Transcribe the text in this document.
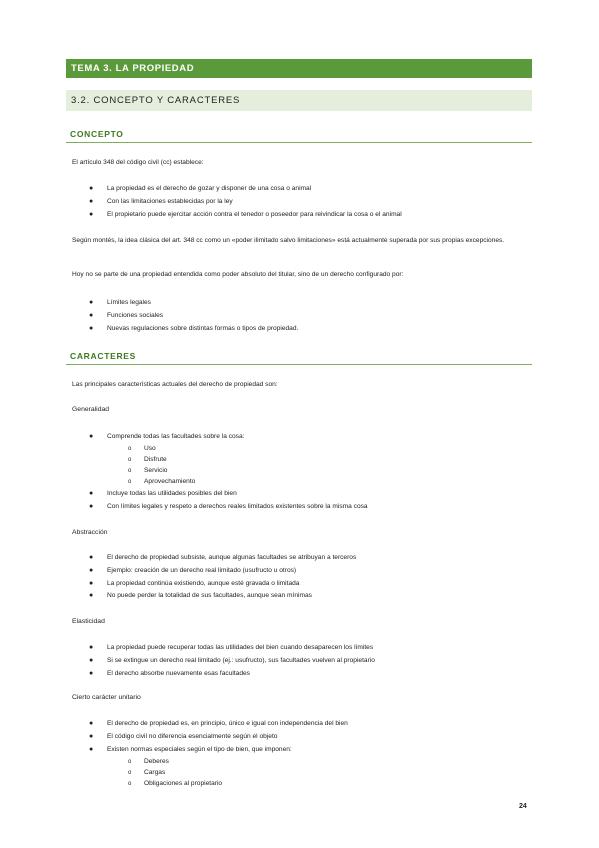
TEMA 3. LA PROPIEDAD
3.2. CONCEPTO Y CARACTERES
CONCEPTO
El artículo 348 del código civil (cc) establece:
● La propiedad es el derecho de gozar y disponer de una cosa o animal
● Con las limitaciones establecidas por la ley
● El propietario puede ejercitar acción contra el tenedor o poseedor para reivindicar la cosa o el animal
Según montés, la idea clásica del art. 348 cc como un «poder ilimitado salvo limitaciones» está actualmente superada por sus propias excepciones.
Hoy no se parte de una propiedad entendida como poder absoluto del titular, sino de un derecho configurado por:
● Límites legales
● Funciones sociales
● Nuevas regulaciones sobre distintas formas o tipos de propiedad.
CARACTERES
Las principales características actuales del derecho de propiedad son:
Generalidad
● Comprende todas las facultades sobre la cosa:
o Uso
o Disfrute
o Servicio
o Aprovechamiento
● Incluye todas las utilidades posibles del bien
● Con límites legales y respeto a derechos reales limitados existentes sobre la misma cosa
Abstracción
● El derecho de propiedad subsiste, aunque algunas facultades se atribuyan a terceros
● Ejemplo: creación de un derecho real limitado (usufructo u otros)
● La propiedad continúa existiendo, aunque esté gravada o limitada
● No puede perder la totalidad de sus facultades, aunque sean mínimas
Elasticidad
● La propiedad puede recuperar todas las utilidades del bien cuando desaparecen los límites
● Si se extingue un derecho real limitado (ej.: usufructo), sus facultades vuelven al propietario
● El derecho absorbe nuevamente esas facultades
Cierto carácter unitario
● El derecho de propiedad es, en principio, único e igual con independencia del bien
● El código civil no diferencia esencialmente según el objeto
● Existen normas especiales según el tipo de bien, que imponen:
o Deberes
o Cargas
o Obligaciones al propietario
24
